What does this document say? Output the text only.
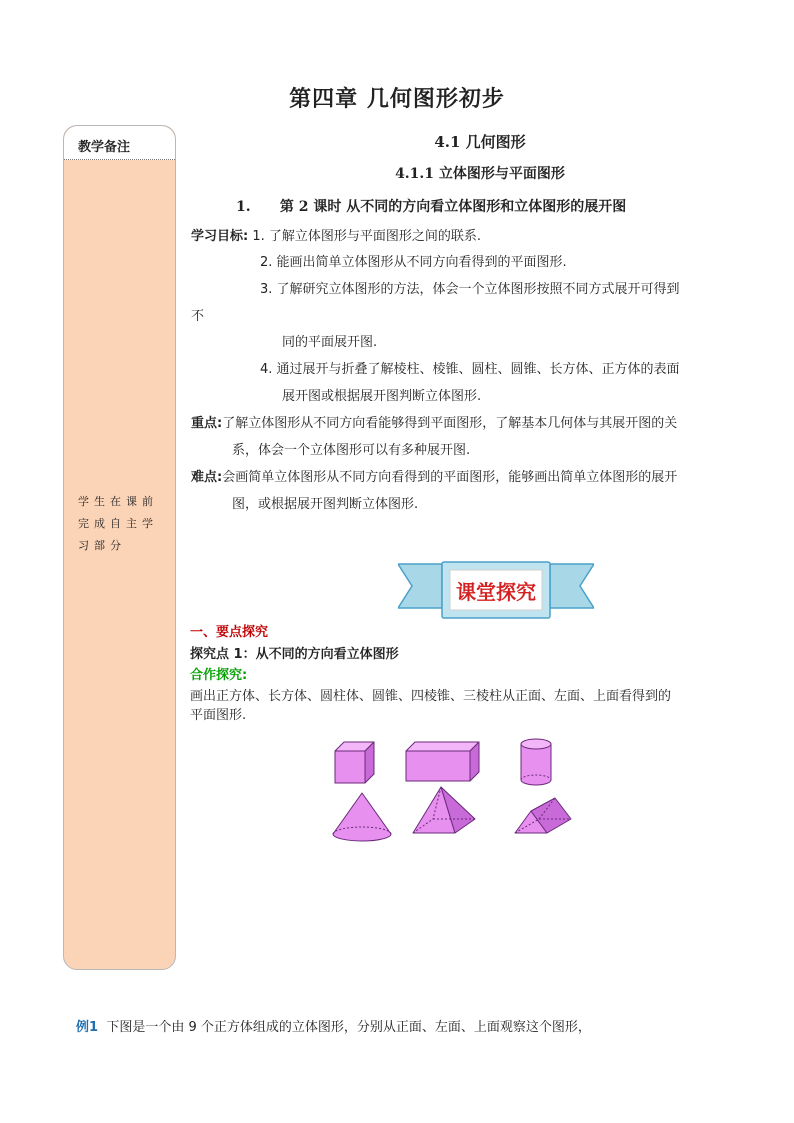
第四章 几何图形初步
4.1 几何图形
4.1.1 立体图形与平面图形
1. 第 2 课时 从不同的方向看立体图形和立体图形的展开图
教学备注
学生在课前完成自主学习部分
学习目标: 1. 了解立体图形与平面图形之间的联系.
2. 能画出简单立体图形从不同方向看得到的平面图形.
3. 了解研究立体图形的方法，体会一个立体图形按照不同方式展开可得到
不
同的平面展开图.
4. 通过展开与折叠了解棱柱、棱锥、圆柱、圆锥、长方体、正方体的表面
展开图或根据展开图判断立体图形.
重点:了解立体图形从不同方向看能够得到平面图形，了解基本几何体与其展开图的关
系，体会一个立体图形可以有多种展开图.
难点:会画简单立体图形从不同方向看得到的平面图形，能够画出简单立体图形的展开
图，或根据展开图判断立体图形.
课堂探究
一、要点探究
探究点 1：从不同的方向看立体图形
合作探究:
画出正方体、长方体、圆柱体、圆锥、四棱锥、三棱柱从正面、左面、上面看得到的
平面图形.
例1 下图是一个由 9 个正方体组成的立体图形，分别从正面、左面、上面观察这个图形，
